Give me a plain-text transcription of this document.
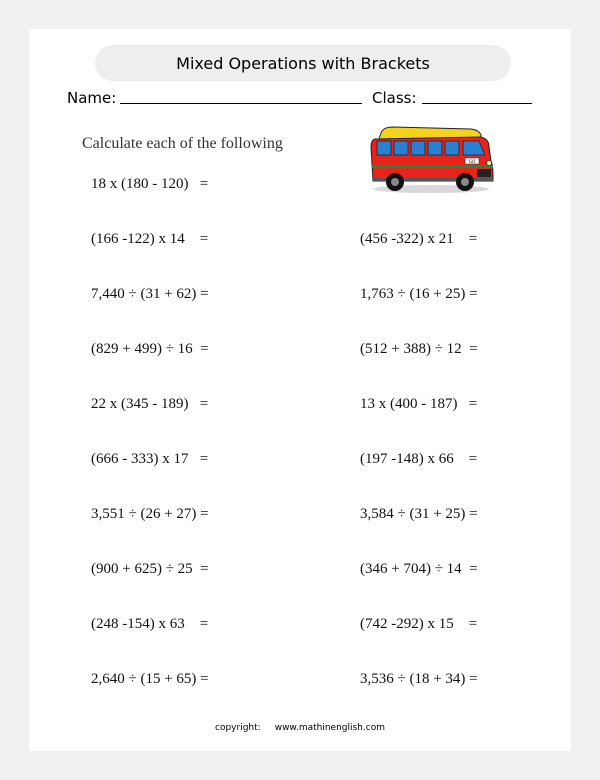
Mixed Operations with Brackets
Name:	Class:
Calculate each of the following
18 x (180 - 120)   =
(166 -122) x 14    =
7,440 ÷ (31 + 62) =
(829 + 499) ÷ 16  =
22 x (345 - 189)   =
(666 - 333) x 17   =
3,551 ÷ (26 + 27) =
(900 + 625) ÷ 25  =
(248 -154) x 63    =
2,640 ÷ (15 + 65) =
(456 -322) x 21    =
1,763 ÷ (16 + 25) =
(512 + 388) ÷ 12  =
13 x (400 - 187)   =
(197 -148) x 66    =
3,584 ÷ (31 + 25) =
(346 + 704) ÷ 14  =
(742 -292) x 15    =
3,536 ÷ (18 + 34) =
GO
copyright: www.mathinenglish.com
